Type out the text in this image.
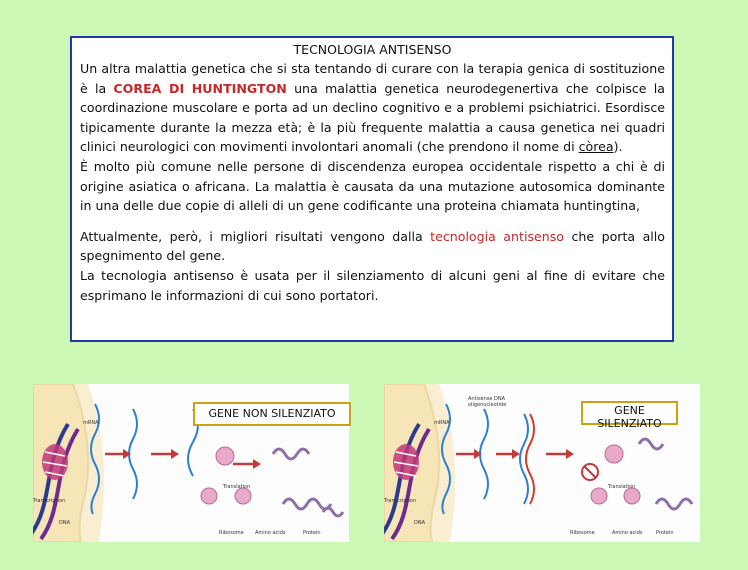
TECNOLOGIA ANTISENSO

Un altra malattia genetica che si sta tentando di curare con la terapia genica di sostituzione è la COREA DI HUNTINGTON una malattia genetica neurodegenertiva che colpisce la coordinazione muscolare e porta ad un declino cognitivo e a problemi psichiatrici. Esordisce tipicamente durante la mezza età; è la più frequente malattia a causa genetica nei quadri clinici neurologici con movimenti involontari anomali (che prendono il nome di còrea).

È molto più comune nelle persone di discendenza europea occidentale rispetto a chi è di origine asiatica o africana. La malattia è causata da una mutazione autosomica dominante in una delle due copie di alleli di un gene codificante una proteina chiamata huntingtina,

Attualmente, però, i migliori risultati vengono dalla tecnologia antisenso che porta allo spegnimento del gene.

La tecnologia antisenso è usata per il silenziamento di alcuni geni al fine di evitare che esprimano le informazioni di cui sono portatori.

mRNA
Transcription
DNA
Translation
Ribosome Amino acids	Protein
Antisense DNA
oligonucleotide
mRNA
Transcription
DNA
Translation
Ribosome	Amino acids	Protein
GENE NON SILENZIATO	GENE
SILENZIATO
